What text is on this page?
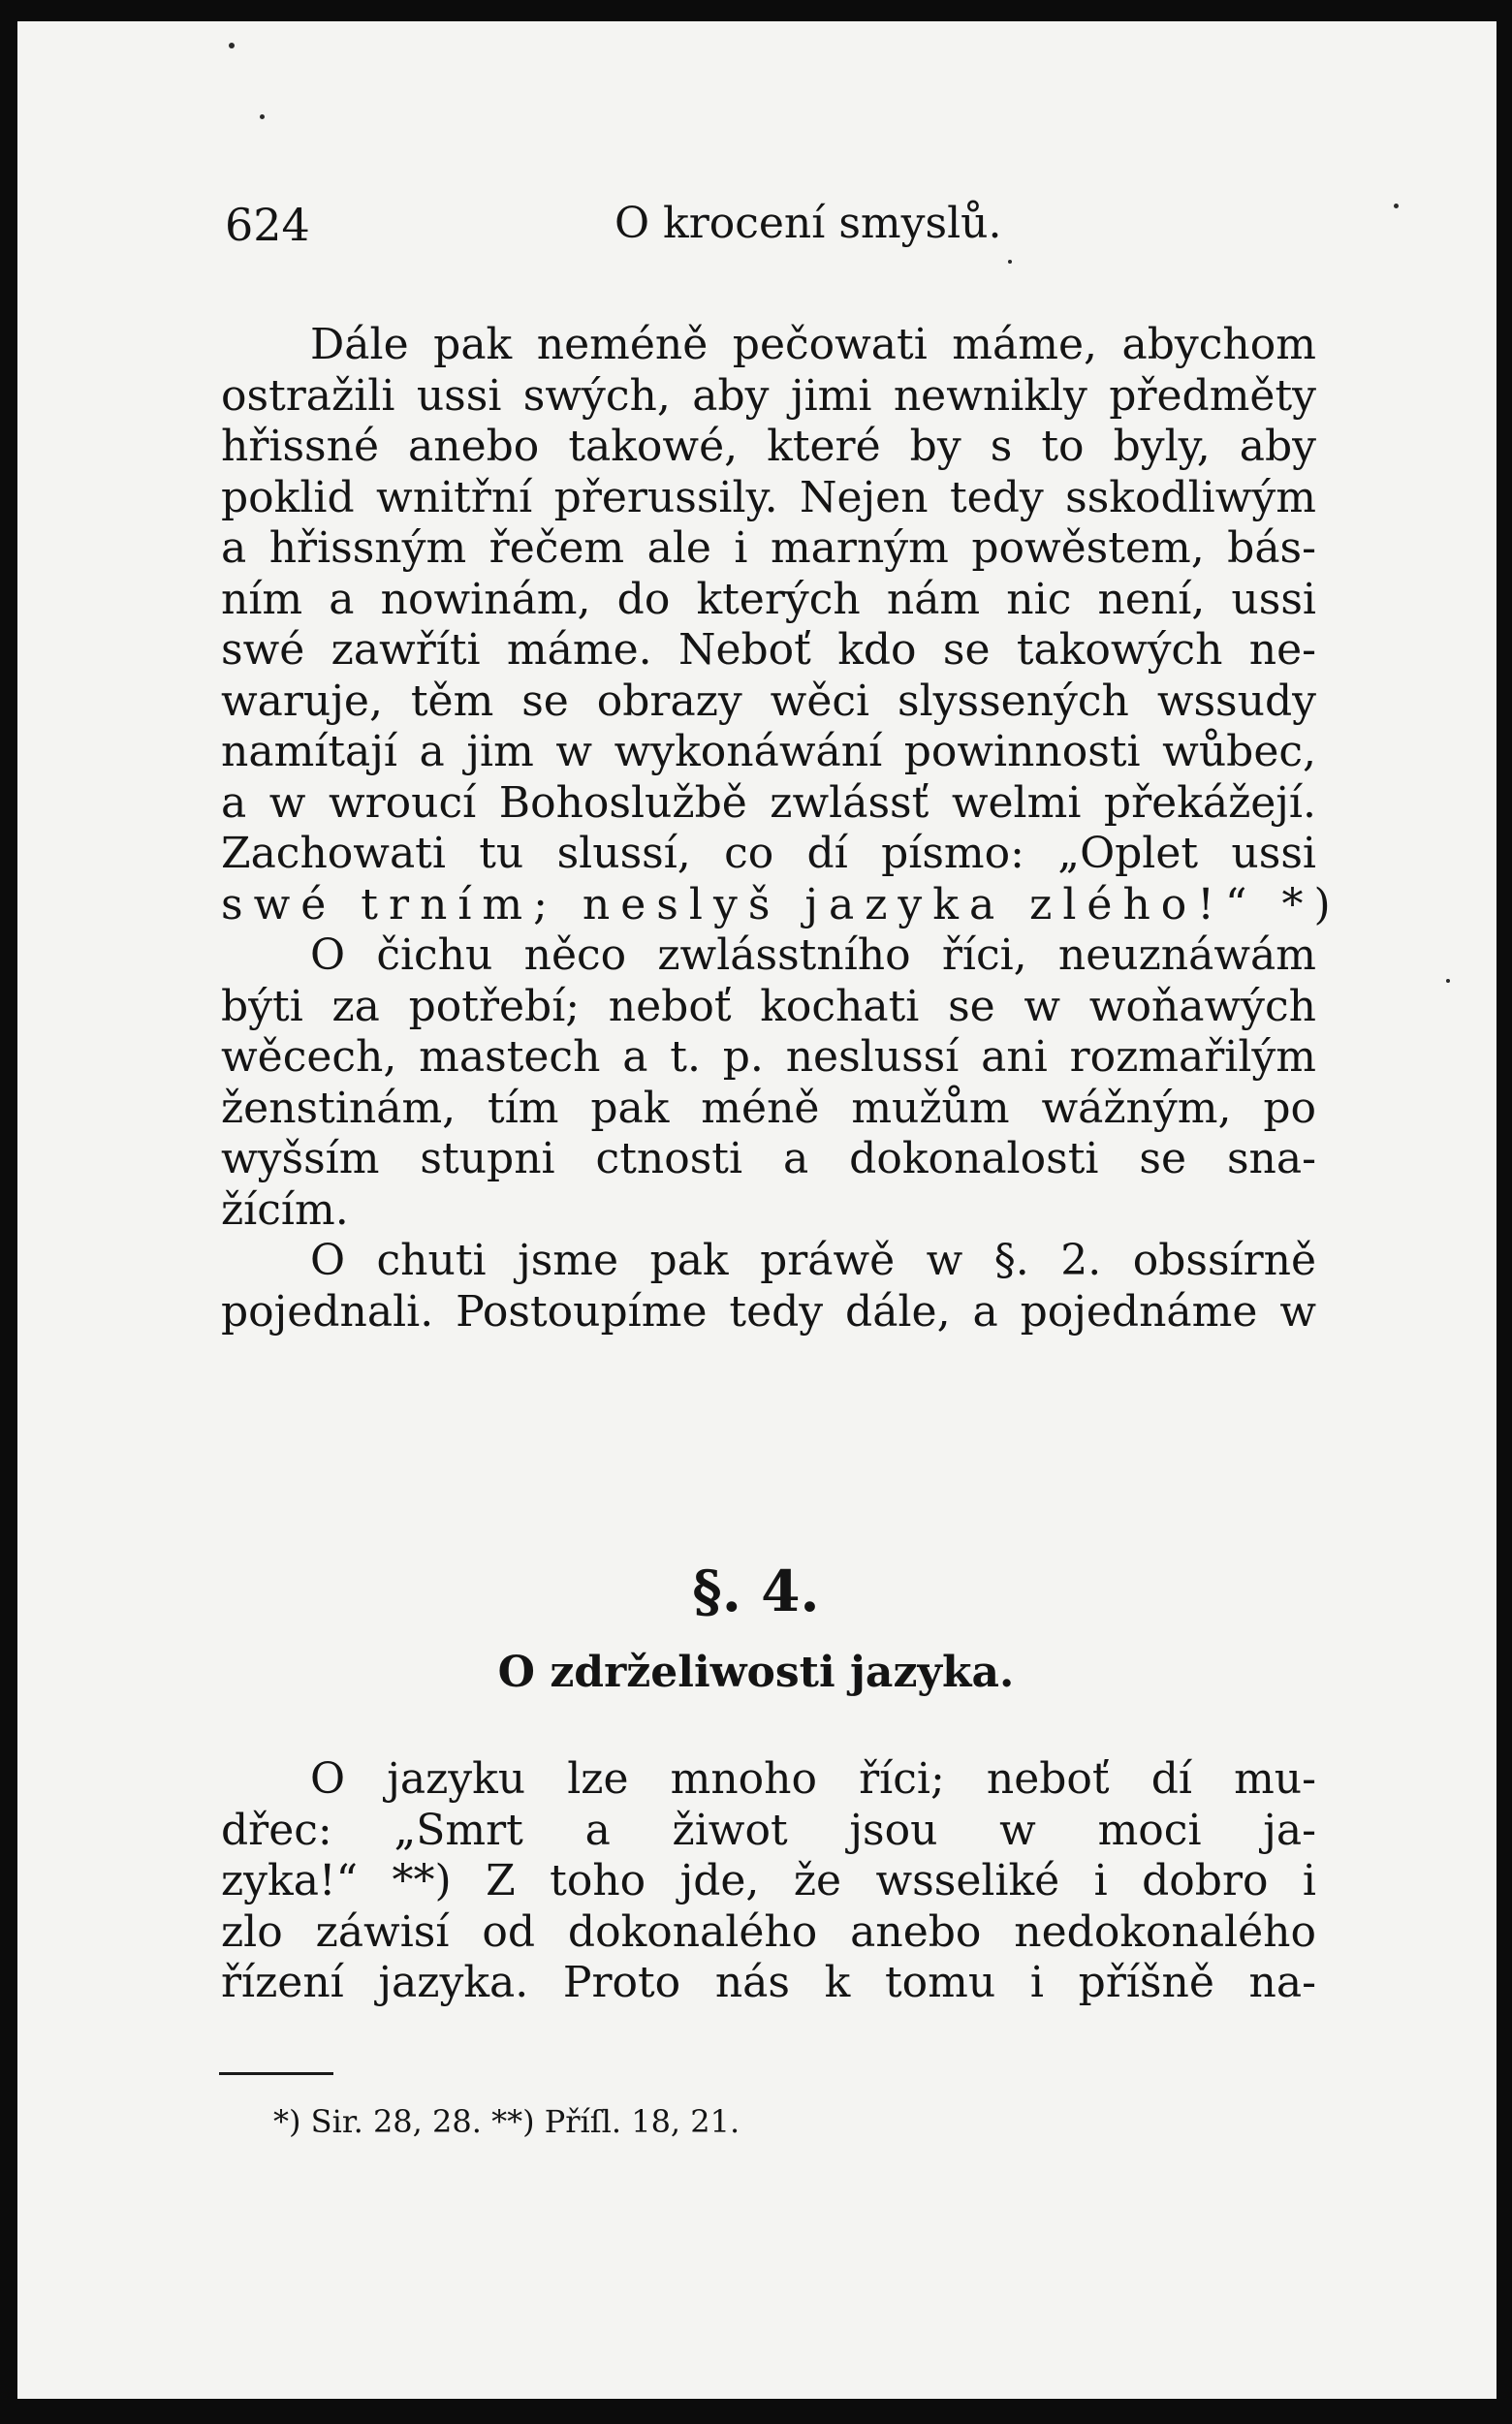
624	O krocení smyslů.
Dále pak neméně pečowati máme, abychom
ostražili ussi swých, aby jimi newnikly předměty
hřissné anebo takowé, které by s to byly, aby
poklid wnitřní přerussily. Nejen tedy sskodliwým
a hřissným řečem ale i marným powěstem, bás-
ním a nowinám, do kterých nám nic není, ussi
swé zawříti máme. Neboť kdo se takowých ne-
waruje, těm se obrazy wěci slyssených wssudy
namítají a jim w wykonáwání powinnosti wůbec,
a w wroucí Bohoslužbě zwlássť welmi překážejí.
Zachowati tu slussí, co dí písmo: „Oplet ussi
swé trním; neslyš jazyka zlého!“ *)
O čichu něco zwlásstního říci, neuznáwám
býti za potřebí; neboť kochati se w woňawých
wěcech, mastech a t. p. neslussí ani rozmařilým
ženstinám, tím pak méně mužům wážným, po
wyšsím stupni ctnosti a dokonalosti se sna-
žícím.
O chuti jsme pak práwě w §. 2. obssírně
pojednali. Postoupíme tedy dále, a pojednáme w
§. 4.
O zdrželiwosti jazyka.
O jazyku lze mnoho říci; neboť dí mu-
dřec: „Smrt a žiwot jsou w moci ja-
zyka!“ **) Z toho jde, že wsseliké i dobro i
zlo záwisí od dokonalého anebo nedokonalého
řízení jazyka. Proto nás k tomu i příšně na-
*) Sir. 28, 28. **) Příſl. 18, 21.
